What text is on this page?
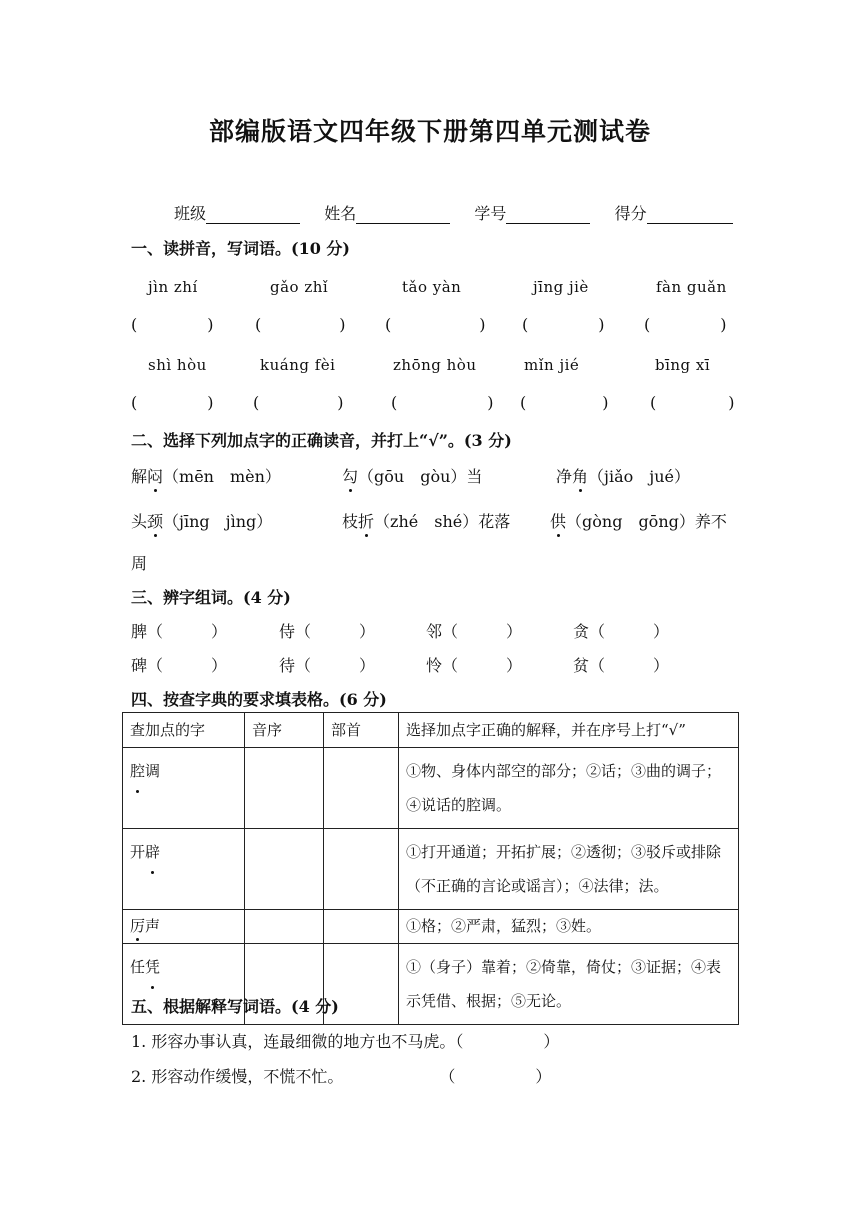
部编版语文四年级下册第四单元测试卷
班级	姓名	学号	得分
一、读拼音，写词语。(10 分)
jìn zhí	gǎo zhǐ	tǎo yàn	jīng jiè	fàn guǎn
(	)	(	) (	) (	) (	)
shì hòu	kuáng fèi	zhōng hòu	mǐn jié	bīng xī
(	) (	)	(	) (	)	(	)
二、选择下列加点字的正确读音，并打上“√”。(3 分)
解闷（mēn　mèn）	勾（gōu　gòu）当	净角（jiǎo　jué）
头颈（jīng　jìng）	枝折（zhé　shé）花落 供（gòng　gōng）养不
周
三、辨字组词。(4 分)
脾（　　　）	侍（　　　）	邻（　　　）	贪（　　　）
碑（　　　）	待（　　　）	怜（　　　）	贫（　　　）
四、按查字典的要求填表格。(6 分)
查加点的字	音序	部首	选择加点字正确的解释，并在序号上打“√”
腔调			①物、身体内部空的部分；②话；③曲的调子；④说话的腔调。
开辟			①打开通道；开拓扩展；②透彻；③驳斥或排除（不正确的言论或谣言）；④法律；法。
厉声			①格；②严肃，猛烈；③姓。
任凭			①（身子）靠着；②倚靠，倚仗；③证据；④表示凭借、根据；⑤无论。
五、根据解释写词语。(4 分)
1. 形容办事认真，连最细微的地方也不马虎。（　　　　　）
2. 形容动作缓慢，不慌不忙。　　　　　　　（　　　　　）
